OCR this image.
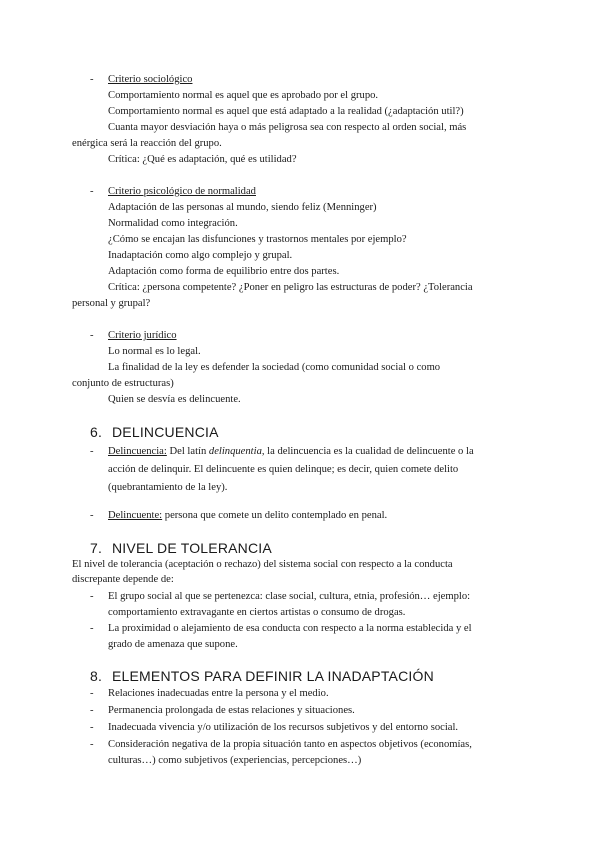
- Criterio sociológico
Comportamiento normal es aquel que es aprobado por el grupo.
Comportamiento normal es aquel que está adaptado a la realidad (¿adaptación util?)
Cuanta mayor desviación haya o más peligrosa sea con respecto al orden social, más
enérgica será la reacción del grupo.
Crítica: ¿Qué es adaptación, qué es utilidad?
- Criterio psicológico de normalidad
Adaptación de las personas al mundo, siendo feliz (Menninger)
Normalidad como integración.
¿Cómo se encajan las disfunciones y trastornos mentales por ejemplo?
Inadaptación como algo complejo y grupal.
Adaptación como forma de equilibrio entre dos partes.
Crítica: ¿persona competente? ¿Poner en peligro las estructuras de poder? ¿Tolerancia
personal y grupal?
- Criterio jurídico
Lo normal es lo legal.
La finalidad de la ley es defender la sociedad (como comunidad social o como
conjunto de estructuras)
Quien se desvía es delincuente.
6. DELINCUENCIA
- Delincuencia: Del latín delinquentia, la delincuencia es la cualidad de delincuente o la
acción de delinquir. El delincuente es quien delinque; es decir, quien comete delito
(quebrantamiento de la ley).
- Delincuente: persona que comete un delito contemplado en penal.
7. NIVEL DE TOLERANCIA
El nivel de tolerancia (aceptación o rechazo) del sistema social con respecto a la conducta
discrepante depende de:
- El grupo social al que se pertenezca: clase social, cultura, etnia, profesión… ejemplo:
comportamiento extravagante en ciertos artistas o consumo de drogas.
- La proximidad o alejamiento de esa conducta con respecto a la norma establecida y el
grado de amenaza que supone.
8. ELEMENTOS PARA DEFINIR LA INADAPTACIÓN
- Relaciones inadecuadas entre la persona y el medio.
- Permanencia prolongada de estas relaciones y situaciones.
- Inadecuada vivencia y/o utilización de los recursos subjetivos y del entorno social.
- Consideración negativa de la propia situación tanto en aspectos objetivos (economías,
culturas…) como subjetivos (experiencias, percepciones…)
